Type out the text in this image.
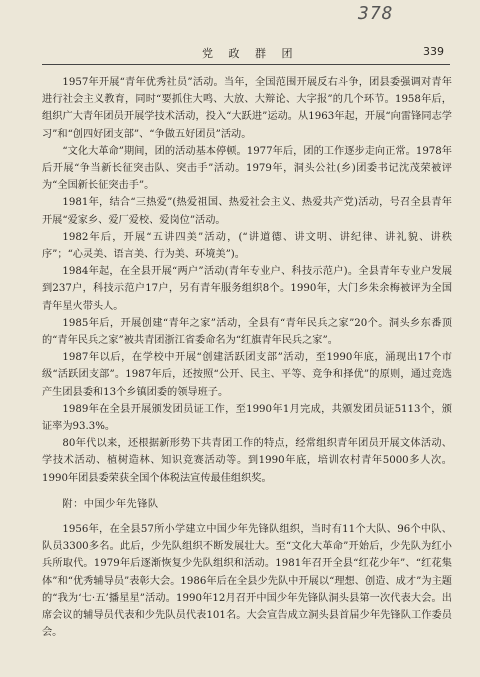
378
党 政 群 团	339

1957年开展“青年优秀社员”活动。当年，全国范围开展反右斗争，团县委强调对青年进行社会主义教育，同时“要抓住大鸣、大放、大辩论、大字报”的几个环节。1958年后，组织广大青年团员开展学技术活动，投入“大跃进”运动。从1963年起，开展“向雷锋同志学习”和“创四好团支部”、“争做五好团员”活动。

“文化大革命”期间，团的活动基本停顿。1977年后，团的工作逐步走向正常。1978年后开展“争当新长征突击队、突击手”活动。1979年，洞头公社(乡)团委书记沈茂荣被评为“全国新长征突击手”。

1981年，结合“三热爱”(热爱祖国、热爱社会主义、热爱共产党)活动，号召全县青年开展“爱家乡、爱厂爱校、爱岗位”活动。

1982年后，开展“五讲四美”活动，(“讲道德、讲文明、讲纪律、讲礼貌、讲秩序”；“心灵美、语言美、行为美、环境美”)。

1984年起，在全县开展“两户”活动(青年专业户、科技示范户)。全县青年专业户发展到237户，科技示范户17户，另有青年服务组织8个。1990年，大门乡朱余梅被评为全国青年星火带头人。

1985年后，开展创建“青年之家”活动，全县有“青年民兵之家”20个。洞头乡东番顶的“青年民兵之家”被共青团浙江省委命名为“红旗青年民兵之家”。

1987年以后，在学校中开展“创建活跃团支部”活动，至1990年底，涌现出17个市级“活跃团支部”。1987年后，还按照“公开、民主、平等、竞争和择优”的原则，通过竞选产生团县委和13个乡镇团委的领导班子。

1989年在全县开展颁发团员证工作，至1990年1月完成，共颁发团员证5113个，颁证率为93.3%。

80年代以来，还根据新形势下共青团工作的特点，经常组织青年团员开展文体活动、学技术活动、植树造林、知识竞赛活动等。到1990年底，培训农村青年5000多人次。1990年团县委荣获全国个体税法宣传最佳组织奖。

附：中国少年先锋队

1956年，在全县57所小学建立中国少年先锋队组织，当时有11个大队、96个中队、队员3300多名。此后，少先队组织不断发展壮大。至“文化大革命”开始后，少先队为红小兵所取代。1979年后逐渐恢复少先队组织和活动。1981年召开全县“红花少年”、“红花集体”和“优秀辅导员”表彰大会。1986年后在全县少先队中开展以“理想、创造、成才”为主题的“我为‘七·五’播星星”活动。1990年12月召开中国少年先锋队洞头县第一次代表大会。出席会议的辅导员代表和少先队员代表101名。大会宣告成立洞头县首届少年先锋队工作委员会。
